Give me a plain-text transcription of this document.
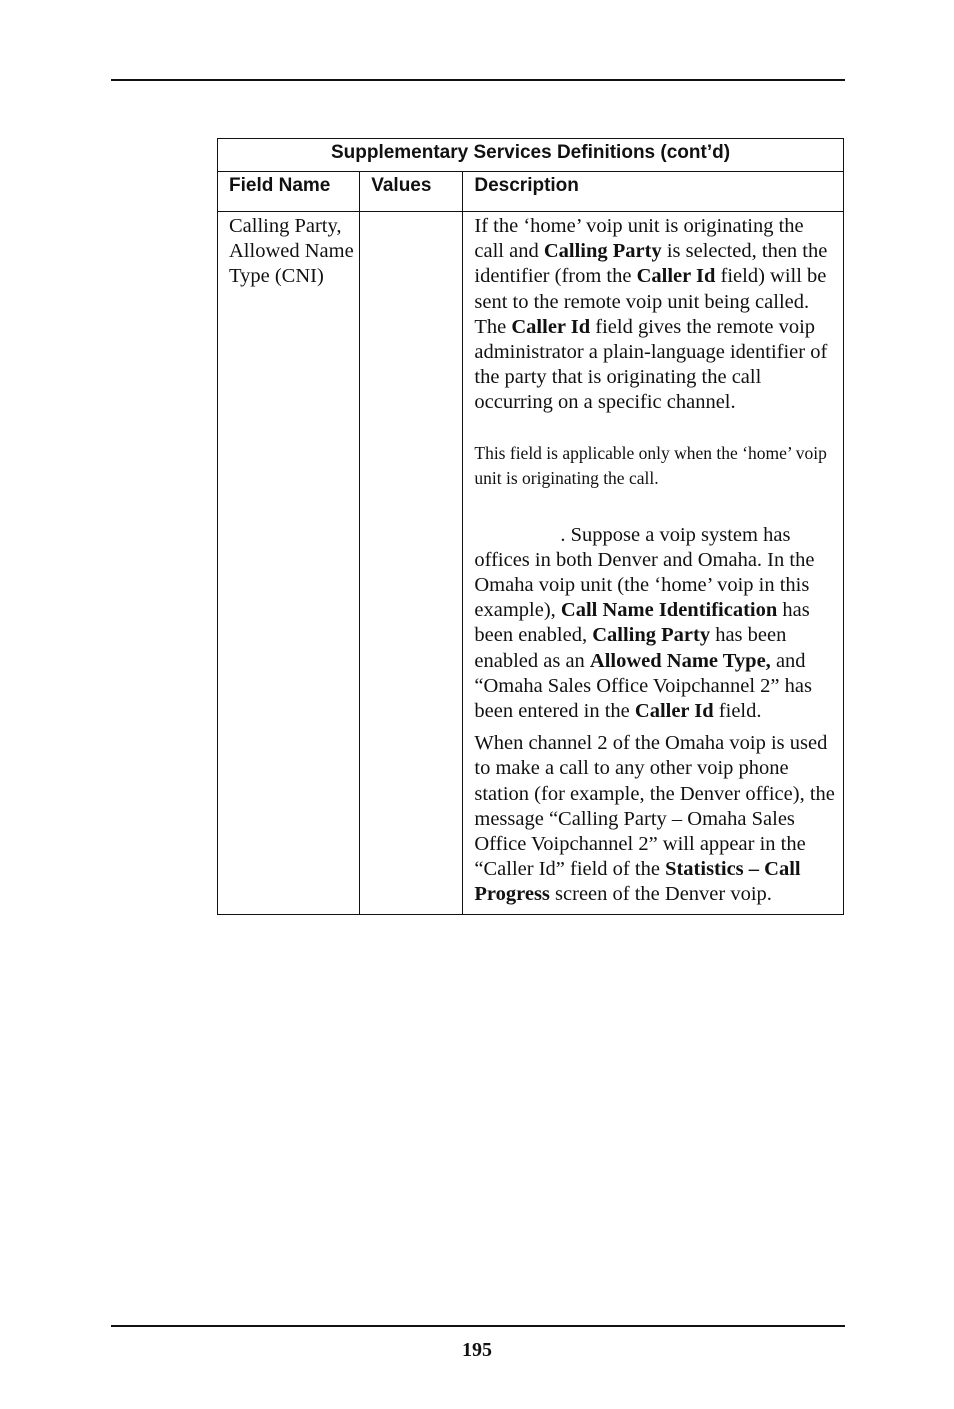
Supplementary Services Definitions (cont’d)		
Field Name	Values	Description

Calling Party, Allowed Name Type (CNI)		If the ‘home’ voip unit is originating the call and Calling Party is selected, then the identifier (from the Caller Id field) will be sent to the remote voip unit being called. The Caller Id field gives the remote voip administrator a plain-language identifier of the party that is originating the call occurring on a specific channel.

This field is applicable only when the ‘home’ voip unit is originating the call.

. Suppose a voip system has offices in both Denver and Omaha. In the Omaha voip unit (the ‘home’ voip in this example), Call Name Identification has been enabled, Calling Party has been enabled as an Allowed Name Type, and “Omaha Sales Office Voipchannel 2” has been entered in the Caller Id field.

When channel 2 of the Omaha voip is used to make a call to any other voip phone station (for example, the Denver office), the message “Calling Party – Omaha Sales Office Voipchannel 2” will appear in the “Caller Id” field of the Statistics – Call Progress screen of the Denver voip.

195
